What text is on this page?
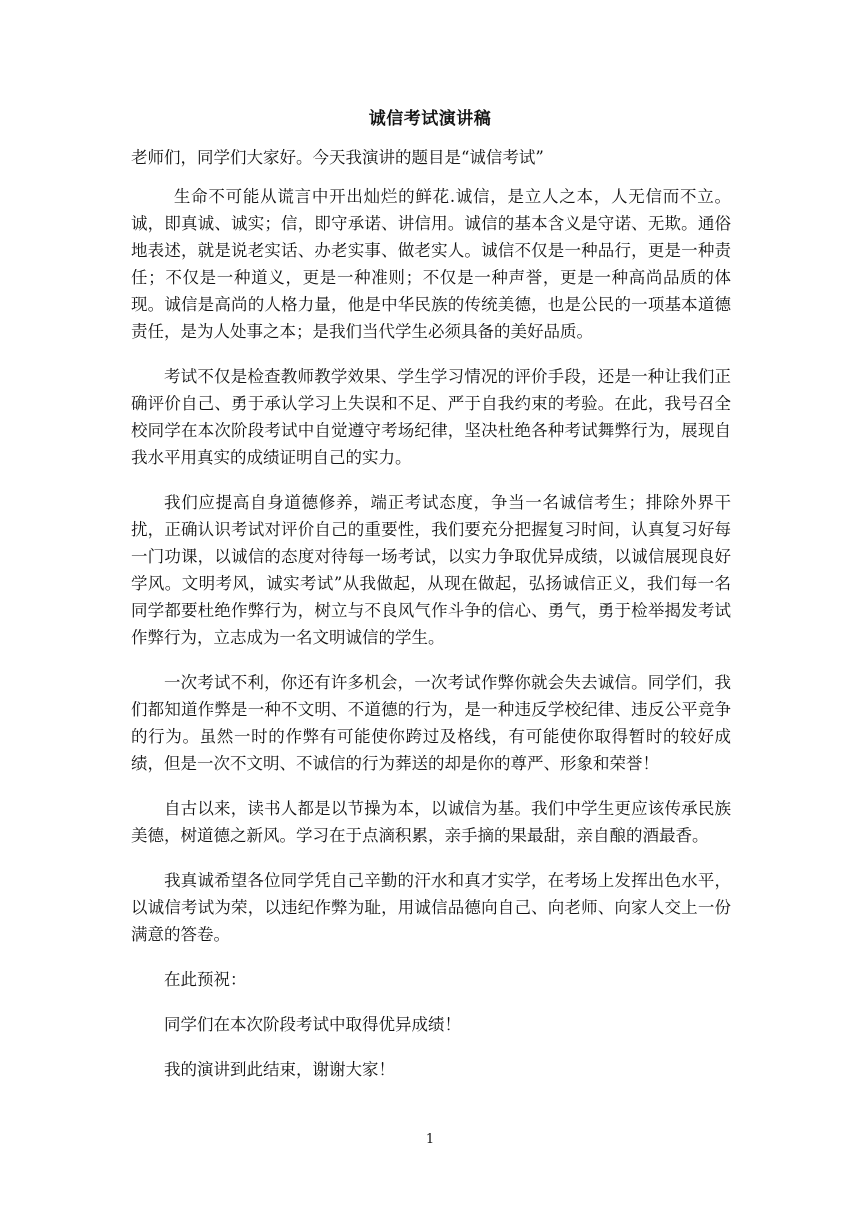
诚信考试演讲稿

老师们，同学们大家好。今天我演讲的题目是“诚信考试”

生命不可能从谎言中开出灿烂的鲜花.诚信，是立人之本，人无信而不立。诚，即真诚、诚实；信，即守承诺、讲信用。诚信的基本含义是守诺、无欺。通俗地表述，就是说老实话、办老实事、做老实人。诚信不仅是一种品行，更是一种责任；不仅是一种道义，更是一种准则；不仅是一种声誉，更是一种高尚品质的体现。诚信是高尚的人格力量，他是中华民族的传统美德，也是公民的一项基本道德责任，是为人处事之本；是我们当代学生必须具备的美好品质。

考试不仅是检查教师教学效果、学生学习情况的评价手段，还是一种让我们正确评价自己、勇于承认学习上失误和不足、严于自我约束的考验。在此，我号召全校同学在本次阶段考试中自觉遵守考场纪律，坚决杜绝各种考试舞弊行为，展现自我水平用真实的成绩证明自己的实力。

我们应提高自身道德修养，端正考试态度，争当一名诚信考生；排除外界干扰，正确认识考试对评价自己的重要性，我们要充分把握复习时间，认真复习好每一门功课，以诚信的态度对待每一场考试，以实力争取优异成绩，以诚信展现良好学风。文明考风，诚实考试”从我做起，从现在做起，弘扬诚信正义，我们每一名同学都要杜绝作弊行为，树立与不良风气作斗争的信心、勇气，勇于检举揭发考试作弊行为，立志成为一名文明诚信的学生。

一次考试不利，你还有许多机会，一次考试作弊你就会失去诚信。同学们，我们都知道作弊是一种不文明、不道德的行为，是一种违反学校纪律、违反公平竞争的行为。虽然一时的作弊有可能使你跨过及格线，有可能使你取得暂时的较好成绩，但是一次不文明、不诚信的行为葬送的却是你的尊严、形象和荣誉！

自古以来，读书人都是以节操为本，以诚信为基。我们中学生更应该传承民族美德，树道德之新风。学习在于点滴积累，亲手摘的果最甜，亲自酿的酒最香。

我真诚希望各位同学凭自己辛勤的汗水和真才实学，在考场上发挥出色水平，以诚信考试为荣，以违纪作弊为耻，用诚信品德向自己、向老师、向家人交上一份满意的答卷。

在此预祝：

同学们在本次阶段考试中取得优异成绩！

我的演讲到此结束，谢谢大家！

1
